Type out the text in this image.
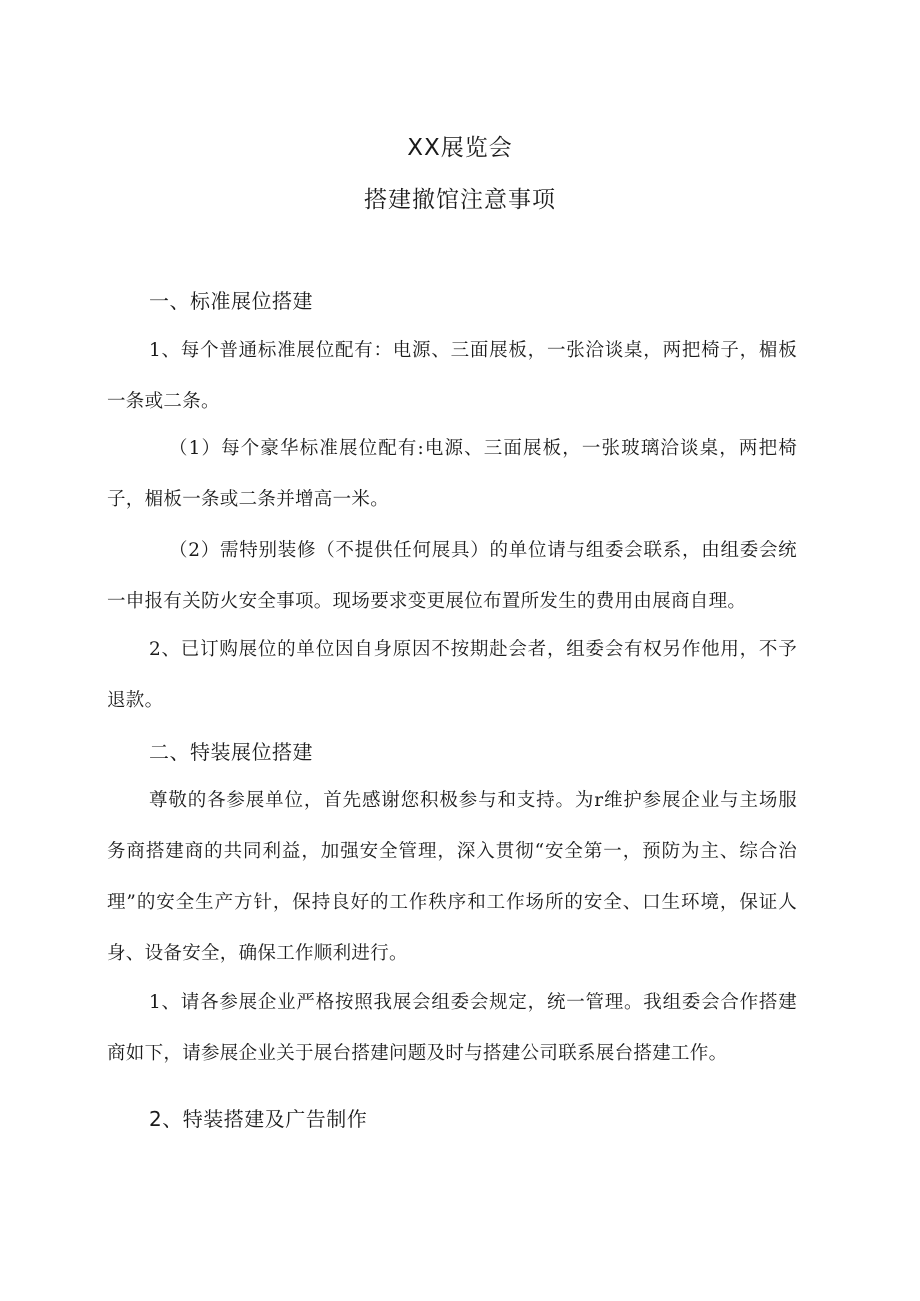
XX展览会
搭建撤馆注意事项
一、标准展位搭建
1、每个普通标准展位配有：电源、三面展板，一张洽谈桌，两把椅子，楣板一条或二条。
（1）每个豪华标准展位配有:电源、三面展板，一张玻璃洽谈桌，两把椅子，楣板一条或二条并增高一米。
（2）需特别装修（不提供任何展具）的单位请与组委会联系，由组委会统一申报有关防火安全事项。现场要求变更展位布置所发生的费用由展商自理。
2、已订购展位的单位因自身原因不按期赴会者，组委会有权另作他用，不予退款。
二、特装展位搭建
尊敬的各参展单位，首先感谢您积极参与和支持。为r维护参展企业与主场服务商搭建商的共同利益，加强安全管理，深入贯彻“安全第一，预防为主、综合治理”的安全生产方针，保持良好的工作秩序和工作场所的安全、口生环境，保证人身、设备安全，确保工作顺利进行。
1、请各参展企业严格按照我展会组委会规定，统一管理。我组委会合作搭建商如下，请参展企业关于展台搭建问题及时与搭建公司联系展台搭建工作。
2、特装搭建及广告制作
